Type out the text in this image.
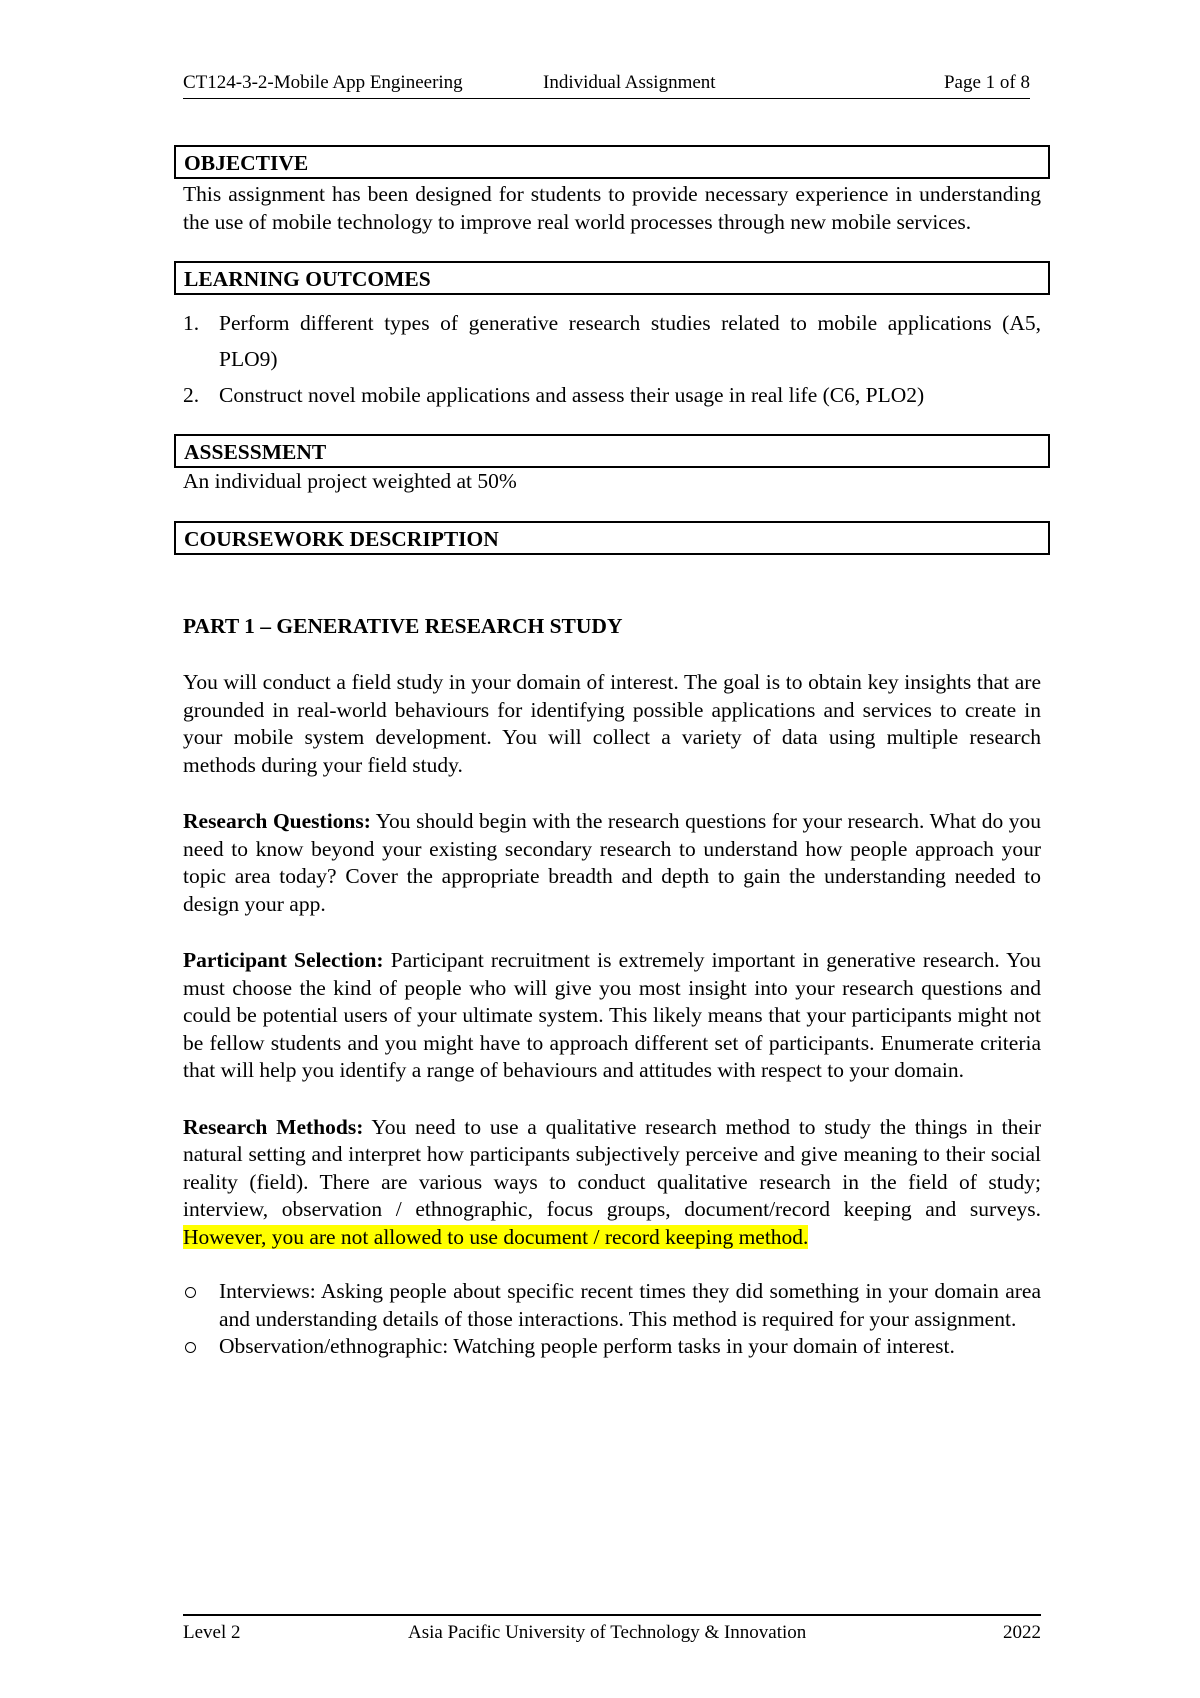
CT124-3-2-Mobile App Engineering	Individual Assignment	Page 1 of 8
OBJECTIVE

This assignment has been designed for students to provide necessary experience in understanding the use of mobile technology to improve real world processes through new mobile services.

LEARNING OUTCOMES
1. Perform different types of generative research studies related to mobile applications (A5, PLO9)
2. Construct novel mobile applications and assess their usage in real life (C6, PLO2)
ASSESSMENT

An individual project weighted at 50%

COURSEWORK DESCRIPTION

PART 1 – GENERATIVE RESEARCH STUDY

You will conduct a field study in your domain of interest. The goal is to obtain key insights that are grounded in real-world behaviours for identifying possible applications and services to create in your mobile system development. You will collect a variety of data using multiple research methods during your field study.

Research Questions: You should begin with the research questions for your research. What do you need to know beyond your existing secondary research to understand how people approach your topic area today? Cover the appropriate breadth and depth to gain the understanding needed to design your app.

Participant Selection: Participant recruitment is extremely important in generative research. You must choose the kind of people who will give you most insight into your research questions and could be potential users of your ultimate system. This likely means that your participants might not be fellow students and you might have to approach different set of participants. Enumerate criteria that will help you identify a range of behaviours and attitudes with respect to your domain.

Research Methods: You need to use a qualitative research method to study the things in their natural setting and interpret how participants subjectively perceive and give meaning to their social reality (field). There are various ways to conduct qualitative research in the field of study; interview, observation / ethnographic, focus groups, document/record keeping and surveys. However, you are not allowed to use document / record keeping method.

Interviews: Asking people about specific recent times they did something in your domain area and understanding details of those interactions. This method is required for your assignment.
Observation/ethnographic: Watching people perform tasks in your domain of interest.
Level 2	Asia Pacific University of Technology & Innovation	2022
